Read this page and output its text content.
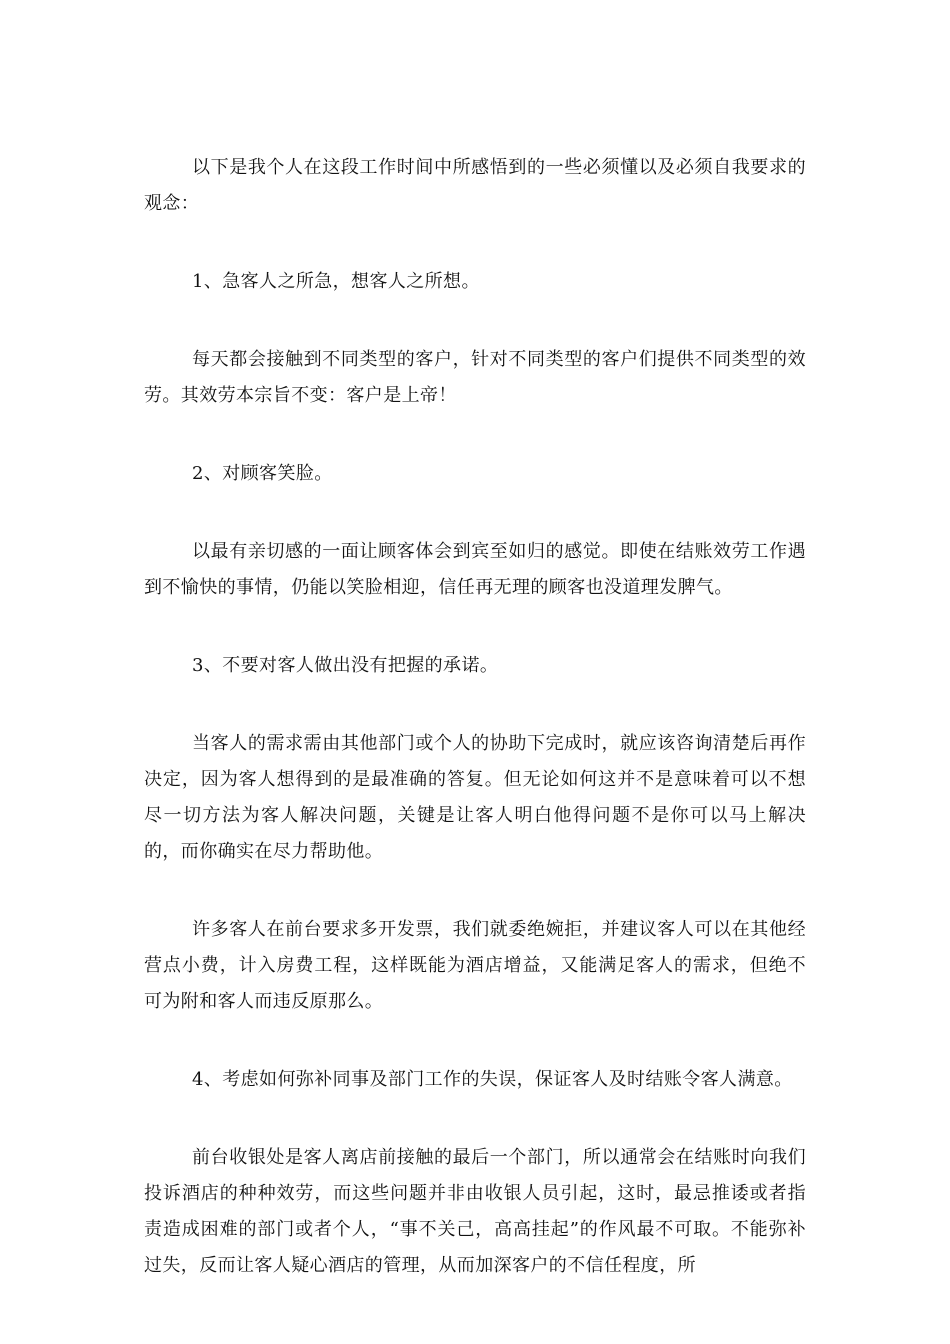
以下是我个人在这段工作时间中所感悟到的一些必须懂以及必须自我要求的观念：

1、急客人之所急，想客人之所想。

每天都会接触到不同类型的客户，针对不同类型的客户们提供不同类型的效劳。其效劳本宗旨不变：客户是上帝！

2、对顾客笑脸。

以最有亲切感的一面让顾客体会到宾至如归的感觉。即使在结账效劳工作遇到不愉快的事情，仍能以笑脸相迎，信任再无理的顾客也没道理发脾气。

3、不要对客人做出没有把握的承诺。

当客人的需求需由其他部门或个人的协助下完成时，就应该咨询清楚后再作决定，因为客人想得到的是最准确的答复。但无论如何这并不是意味着可以不想尽一切方法为客人解决问题，关键是让客人明白他得问题不是你可以马上解决的，而你确实在尽力帮助他。

许多客人在前台要求多开发票，我们就委绝婉拒，并建议客人可以在其他经营点小费，计入房费工程，这样既能为酒店增益，又能满足客人的需求，但绝不可为附和客人而违反原那么。

4、考虑如何弥补同事及部门工作的失误，保证客人及时结账令客人满意。

前台收银处是客人离店前接触的最后一个部门，所以通常会在结账时向我们投诉酒店的种种效劳，而这些问题并非由收银人员引起，这时，最忌推诿或者指责造成困难的部门或者个人，“事不关己，高高挂起”的作风最不可取。不能弥补过失，反而让客人疑心酒店的管理，从而加深客户的不信任程度，所
